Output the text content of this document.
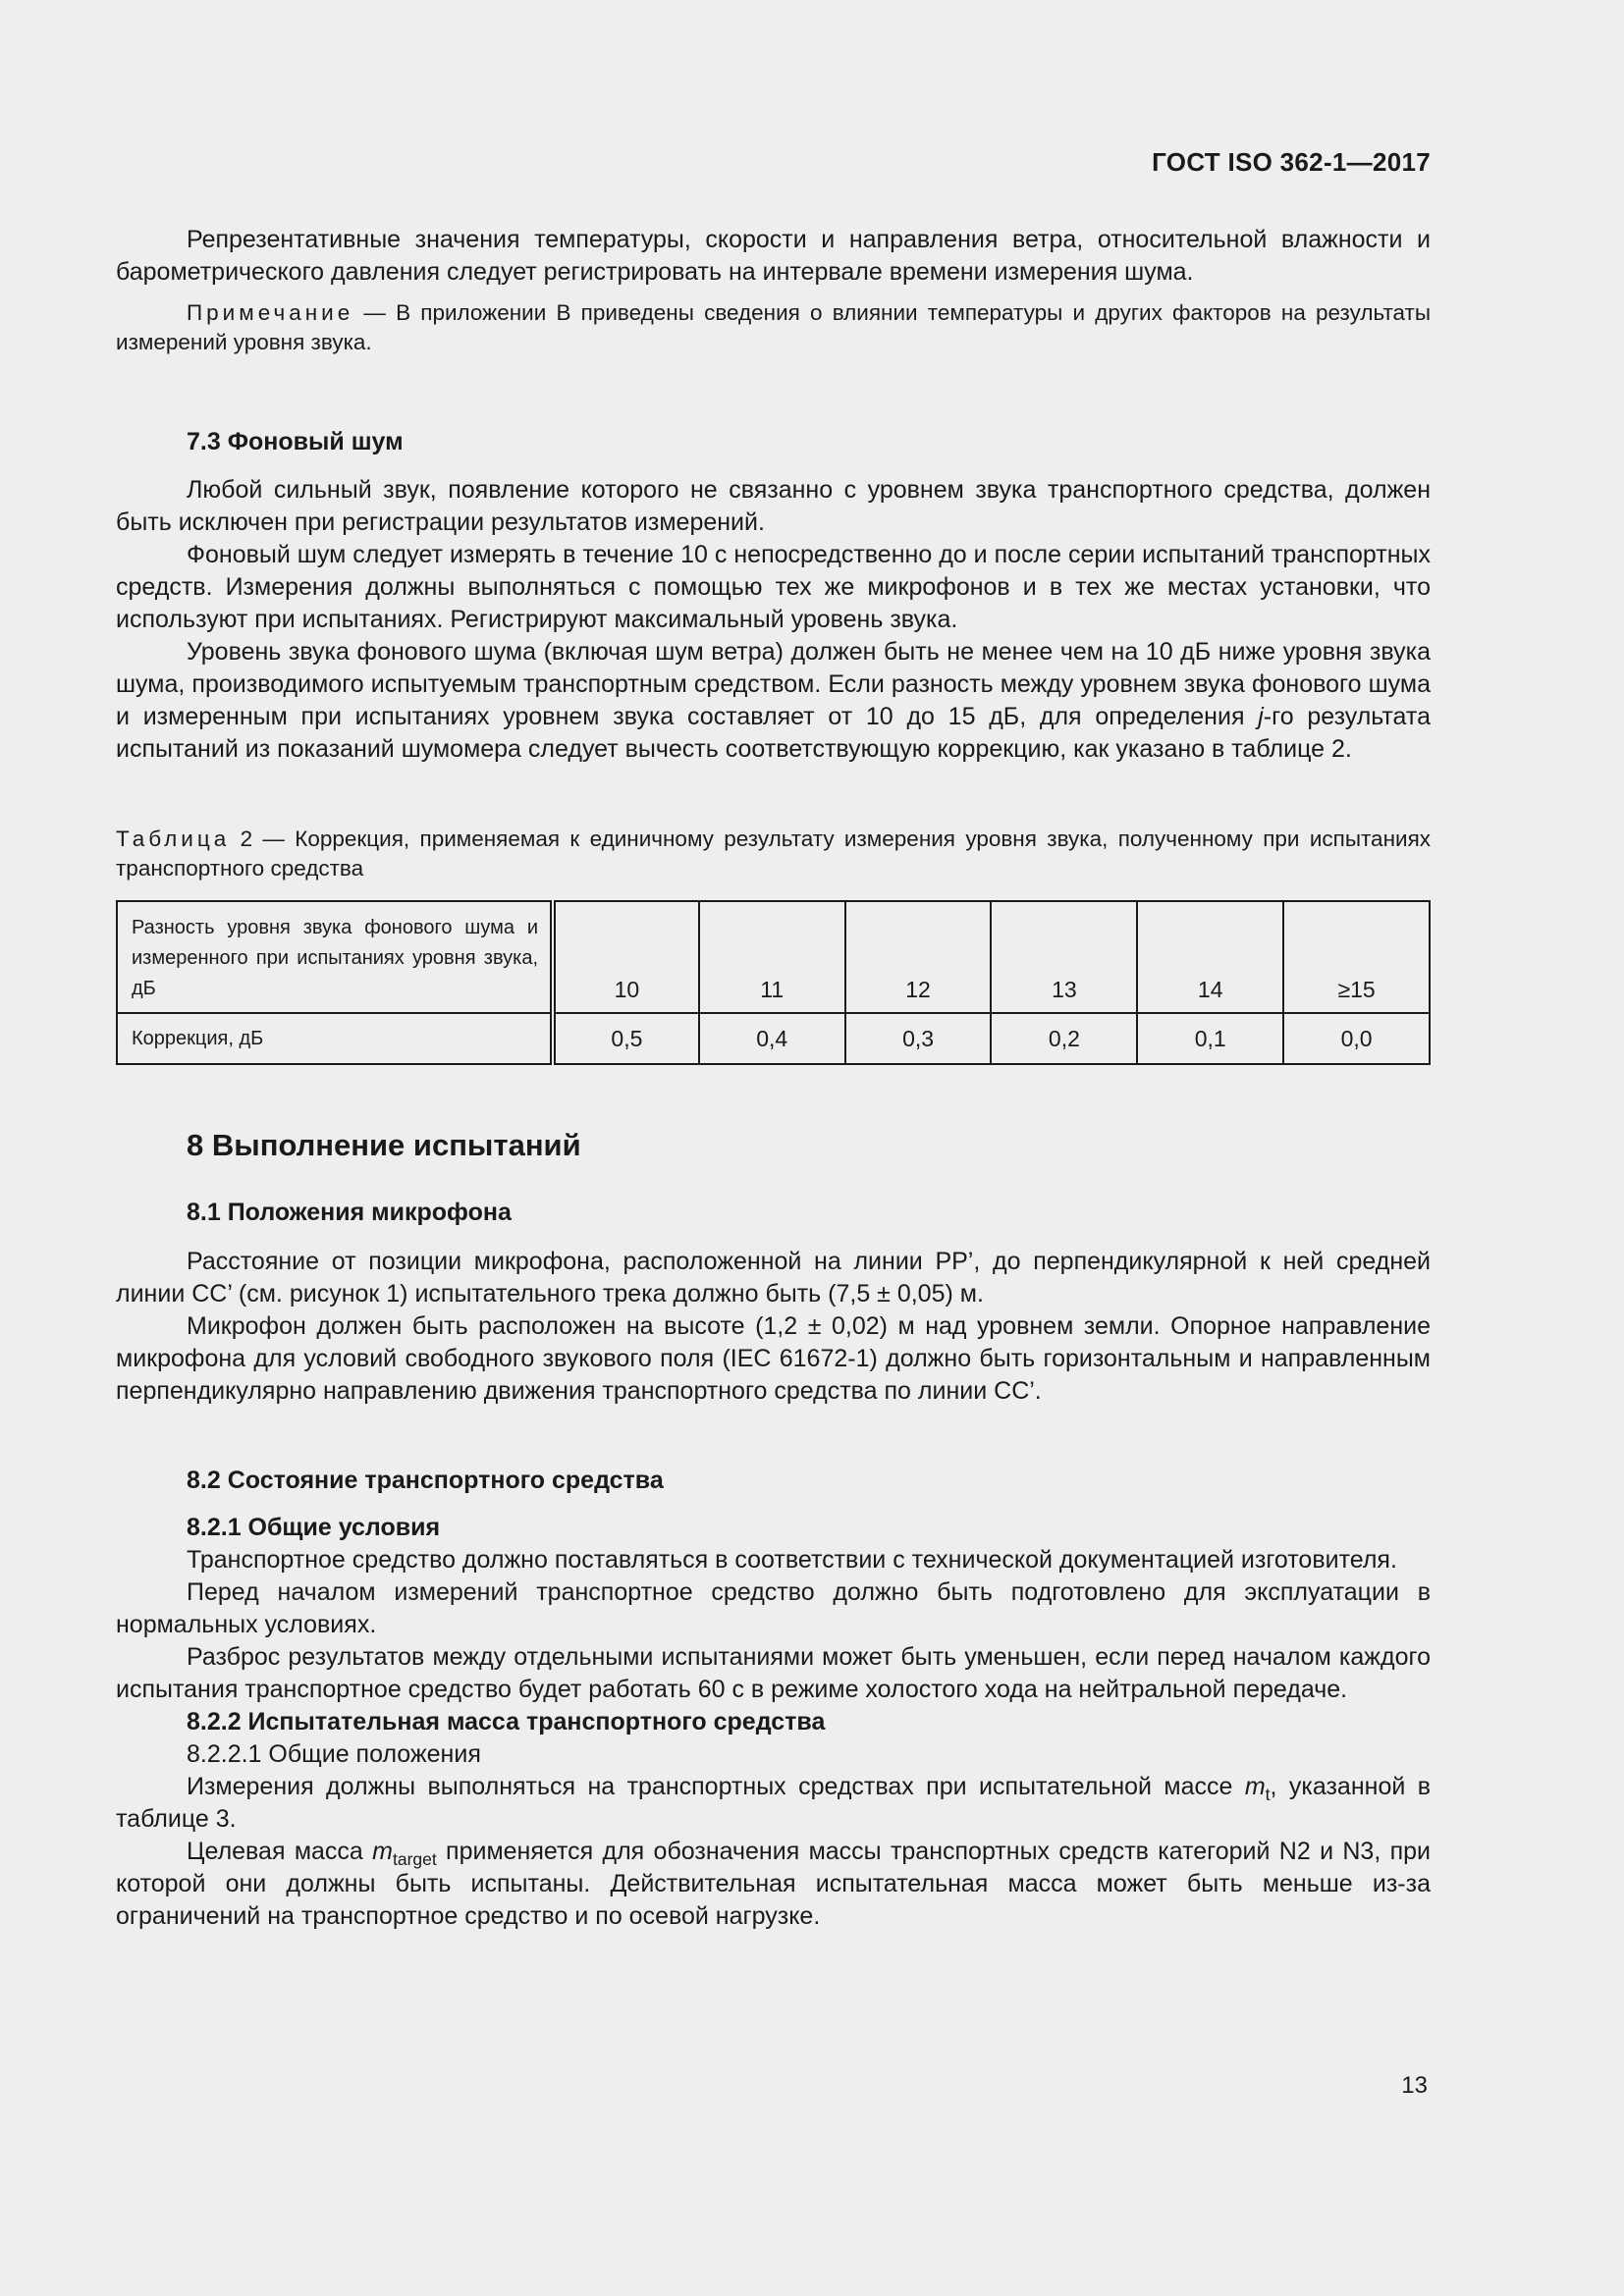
ГОСТ ISO 362-1—2017

Репрезентативные значения температуры, скорости и направления ветра, относительной влажности и барометрического давления следует регистрировать на интервале времени измерения шума.

Примечание — В приложении В приведены сведения о влиянии температуры и других факторов на результаты измерений уровня звука.

7.3 Фоновый шум

Любой сильный звук, появление которого не связанно с уровнем звука транспортного средства, должен быть исключен при регистрации результатов измерений.

Фоновый шум следует измерять в течение 10 с непосредственно до и после серии испытаний транспортных средств. Измерения должны выполняться с помощью тех же микрофонов и в тех же местах установки, что используют при испытаниях. Регистрируют максимальный уровень звука.

Уровень звука фонового шума (включая шум ветра) должен быть не менее чем на 10 дБ ниже уровня звука шума, производимого испытуемым транспортным средством. Если разность между уровнем звука фонового шума и измеренным при испытаниях уровнем звука составляет от 10 до 15 дБ, для определения j-го результата испытаний из показаний шумомера следует вычесть соответствующую коррекцию, как указано в таблице 2.

Таблица 2 — Коррекция, применяемая к единичному результату измерения уровня звука, полученному при испытаниях транспортного средства

Разность уровня звука фонового шума и измеренного при испытаниях уровня звука, дБ	10	11	12	13	14	≥15
Коррекция, дБ	0,5	0,4	0,3	0,2	0,1	0,0
8 Выполнение испытаний
8.1 Положения микрофона

Расстояние от позиции микрофона, расположенной на линии PP’, до перпендикулярной к ней средней линии CC’ (см. рисунок 1) испытательного трека должно быть (7,5 ± 0,05) м.

Микрофон должен быть расположен на высоте (1,2 ± 0,02) м над уровнем земли. Опорное направление микрофона для условий свободного звукового поля (IEC 61672-1) должно быть горизонтальным и направленным перпендикулярно направлению движения транспортного средства по линии CC’.

8.2 Состояние транспортного средства
8.2.1 Общие условия

Транспортное средство должно поставляться в соответствии с технической документацией изготовителя.

Перед началом измерений транспортное средство должно быть подготовлено для эксплуатации в нормальных условиях.

Разброс результатов между отдельными испытаниями может быть уменьшен, если перед началом каждого испытания транспортное средство будет работать 60 с в режиме холостого хода на нейтральной передаче.

8.2.2 Испытательная масса транспортного средства
8.2.2.1 Общие положения

Измерения должны выполняться на транспортных средствах при испытательной массе $m_t$, указанной в таблице 3.

Целевая масса $m_{target}$ применяется для обозначения массы транспортных средств категорий N2 и N3, при которой они должны быть испытаны. Действительная испытательная масса может быть меньше из-за ограничений на транспортное средство и по осевой нагрузке.

13
